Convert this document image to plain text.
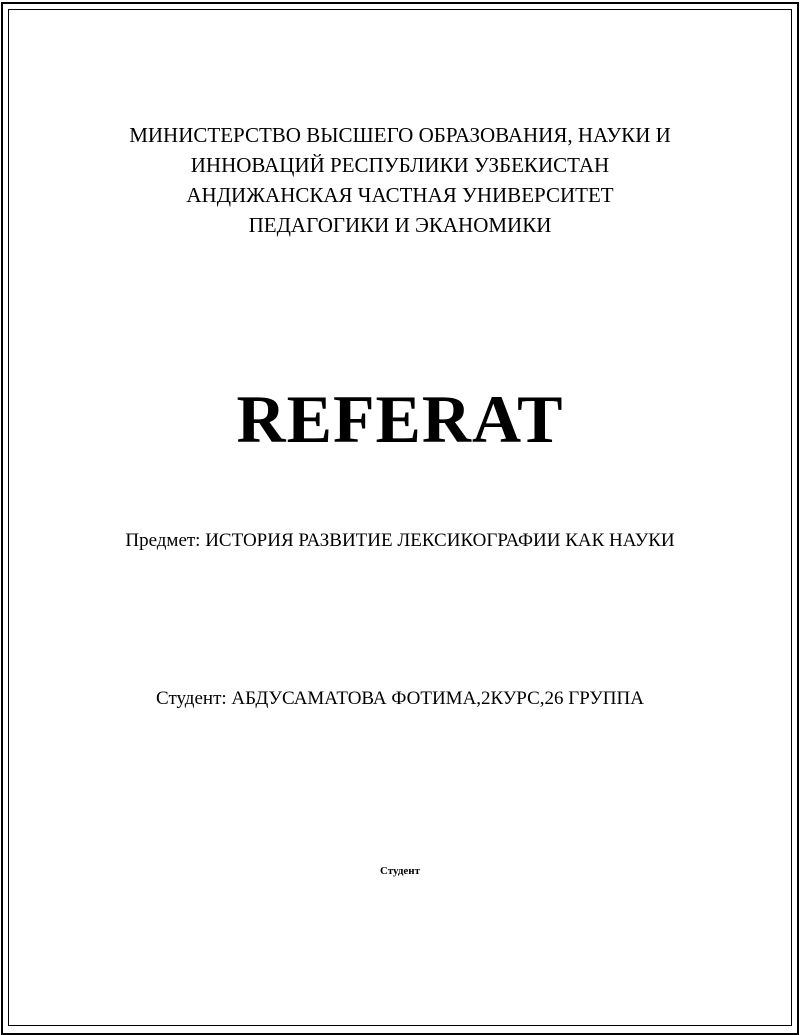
МИНИСТЕРСТВО ВЫСШЕГО ОБРАЗОВАНИЯ, НАУКИ И
ИННОВАЦИЙ РЕСПУБЛИКИ УЗБЕКИСТАН
АНДИЖАНСКАЯ ЧАСТНАЯ УНИВЕРСИТЕТ
ПЕДАГОГИКИ И ЭКАНОМИКИ
REFERAT
Предмет: ИСТОРИЯ РАЗВИТИЕ ЛЕКСИКОГРАФИИ КАК НАУКИ
Студент: АБДУСАМАТОВА ФОТИМА,2КУРС,26 ГРУППА
Студент
